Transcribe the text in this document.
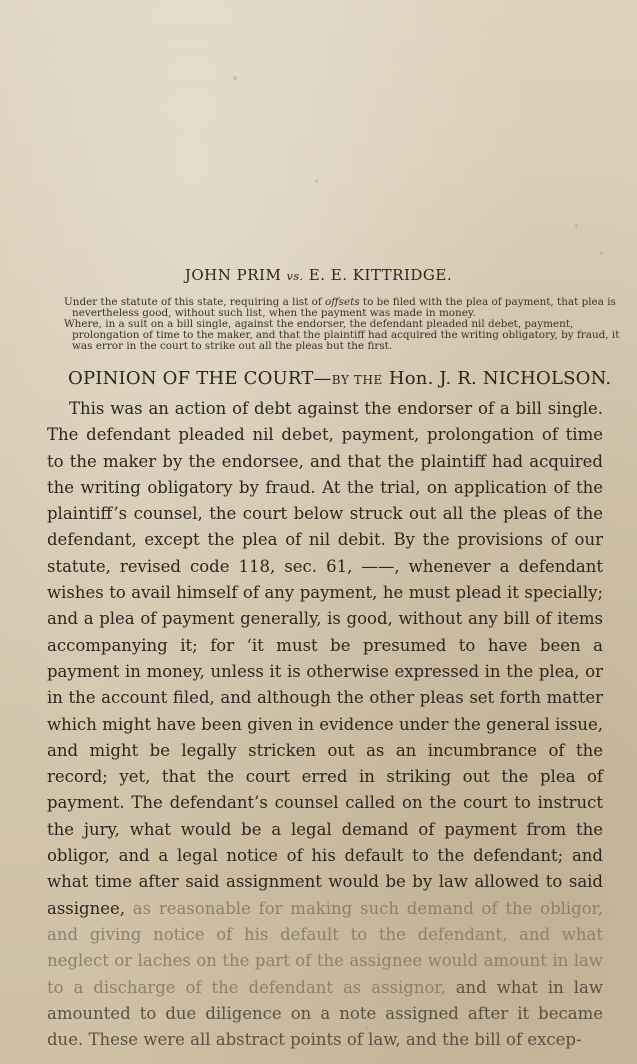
JOHN PRIM vs. E. E. KITTRIDGE.

Under the statute of this state, requiring a list of offsets to be filed with the plea of payment, that plea is nevertheless good, without such list, when the payment was made in money.

Where, in a suit on a bill single, against the endorser, the defendant pleaded nil debet, payment, prolongation of time to the maker, and that the plaintiff had acquired the writing obligatory, by fraud, it was error in the court to strike out all the pleas but the first.

OPINION OF THE COURT—BY THE Hon. J. R. NICHOLSON.

This was an action of debt against the endorser of a bill single. The defendant pleaded nil debet, payment, prolongation of time to the maker by the endorsee, and that the plaintiff had acquired the writing obligatory by fraud. At the trial, on application of the plaintiff’s counsel, the court below struck out all the pleas of the defendant, except the plea of nil debit. By the provisions of our statute, revised code 118, sec. 61, ——, whenever a defendant wishes to avail himself of any payment, he must plead it specially; and a plea of payment generally, is good, without any bill of items accompanying it; for ‘it must be presumed to have been a payment in money, unless it is otherwise expressed in the plea, or in the account filed, and although the other pleas set forth matter which might have been given in evidence under the general issue, and might be legally stricken out as an incumbrance of the record; yet, that the court erred in striking out the plea of payment. The defendant’s counsel called on the court to instruct the jury, what would be a legal demand of payment from the obligor, and a legal notice of his default to the defendant; and what time after said assignment would be by law allowed to said assignee, as reasonable for making such demand of the obligor, and giving notice of his default to the defendant, and what neglect or laches on the part of the assignee would amount in law to a discharge of the defendant as assignor, and what in law amounted to due diligence on a note assigned after it became due. These were all abstract points of law, and the bill of excep-
